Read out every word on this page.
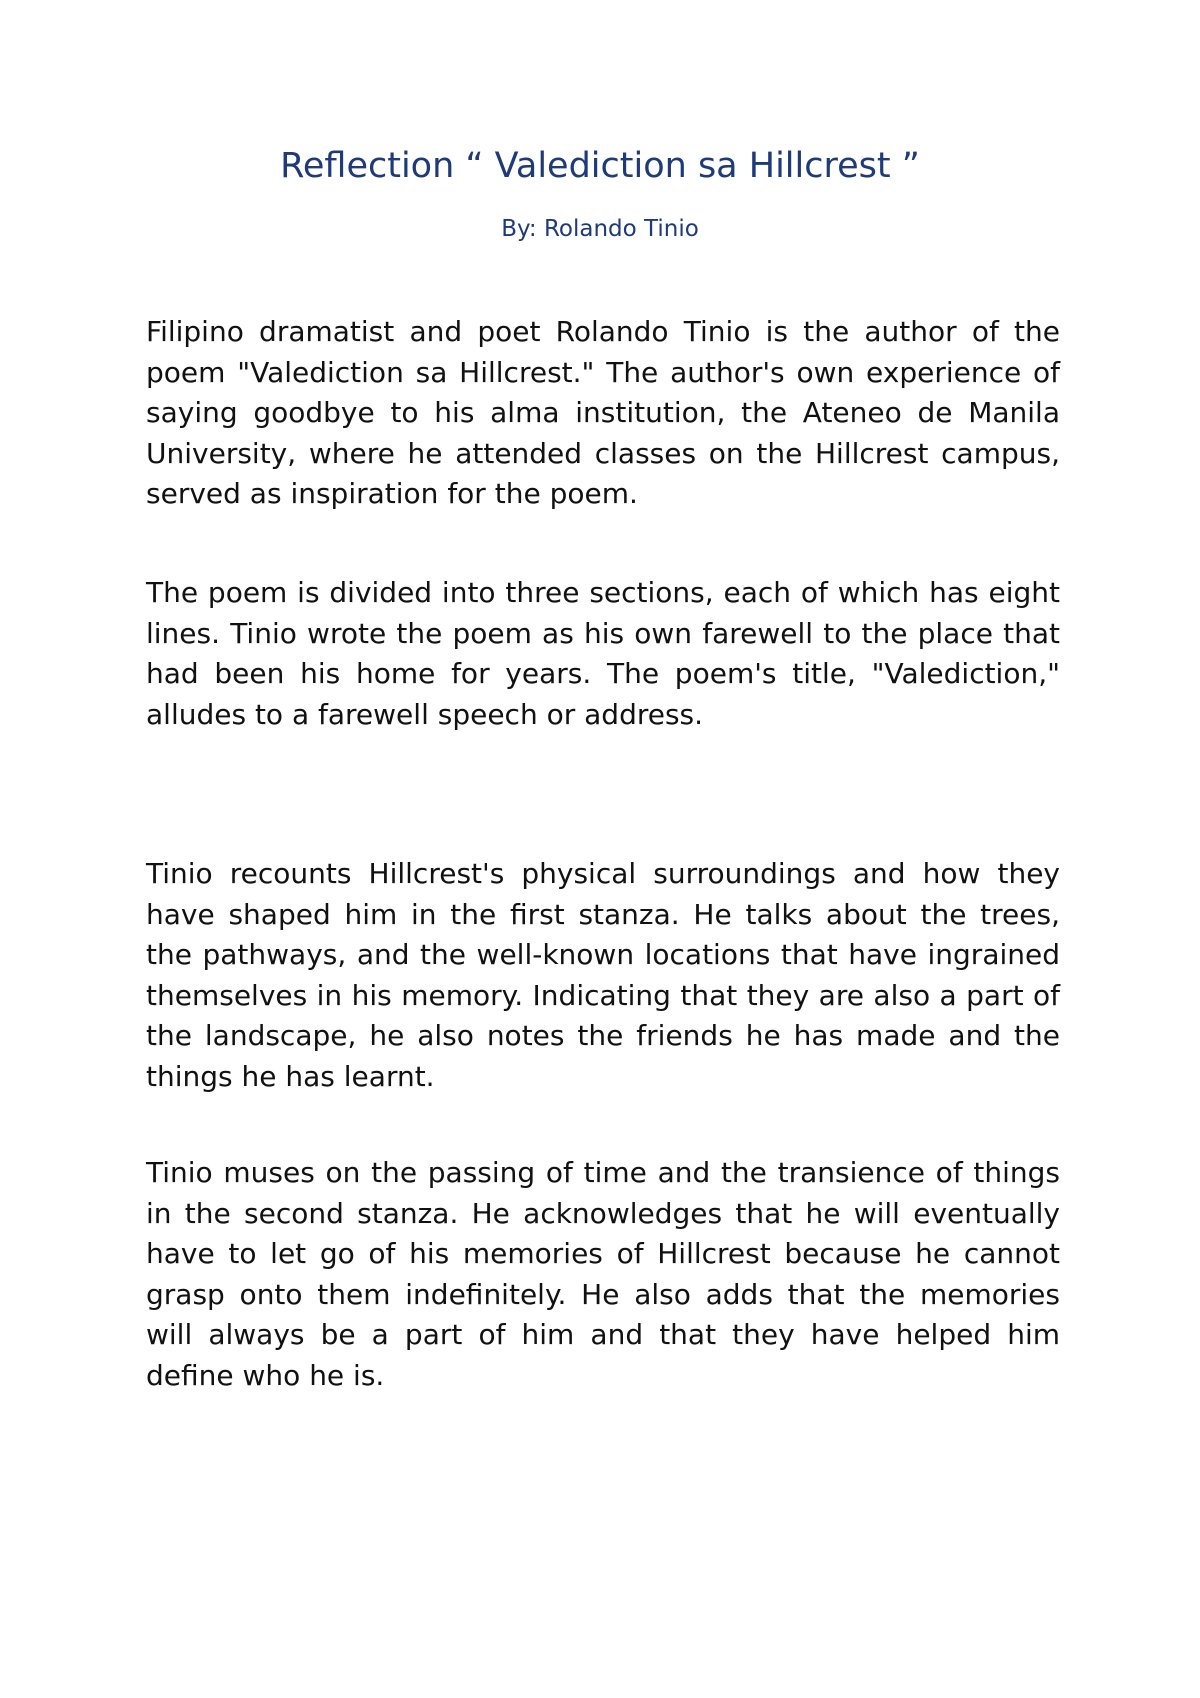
Reflection “ Valediction sa Hillcrest ”

By: Rolando Tinio

Filipino dramatist and poet Rolando Tinio is the author of the poem "Valediction sa Hillcrest." The author's own experience of saying goodbye to his alma institution, the Ateneo de Manila University, where he attended classes on the Hillcrest campus, served as inspiration for the poem.

The poem is divided into three sections, each of which has eight lines. Tinio wrote the poem as his own farewell to the place that had been his home for years. The poem's title, "Valediction," alludes to a farewell speech or address.

Tinio recounts Hillcrest's physical surroundings and how they have shaped him in the first stanza. He talks about the trees, the pathways, and the well-known locations that have ingrained themselves in his memory. Indicating that they are also a part of the landscape, he also notes the friends he has made and the things he has learnt.

Tinio muses on the passing of time and the transience of things in the second stanza. He acknowledges that he will eventually have to let go of his memories of Hillcrest because he cannot grasp onto them indefinitely. He also adds that the memories will always be a part of him and that they have helped him define who he is.
